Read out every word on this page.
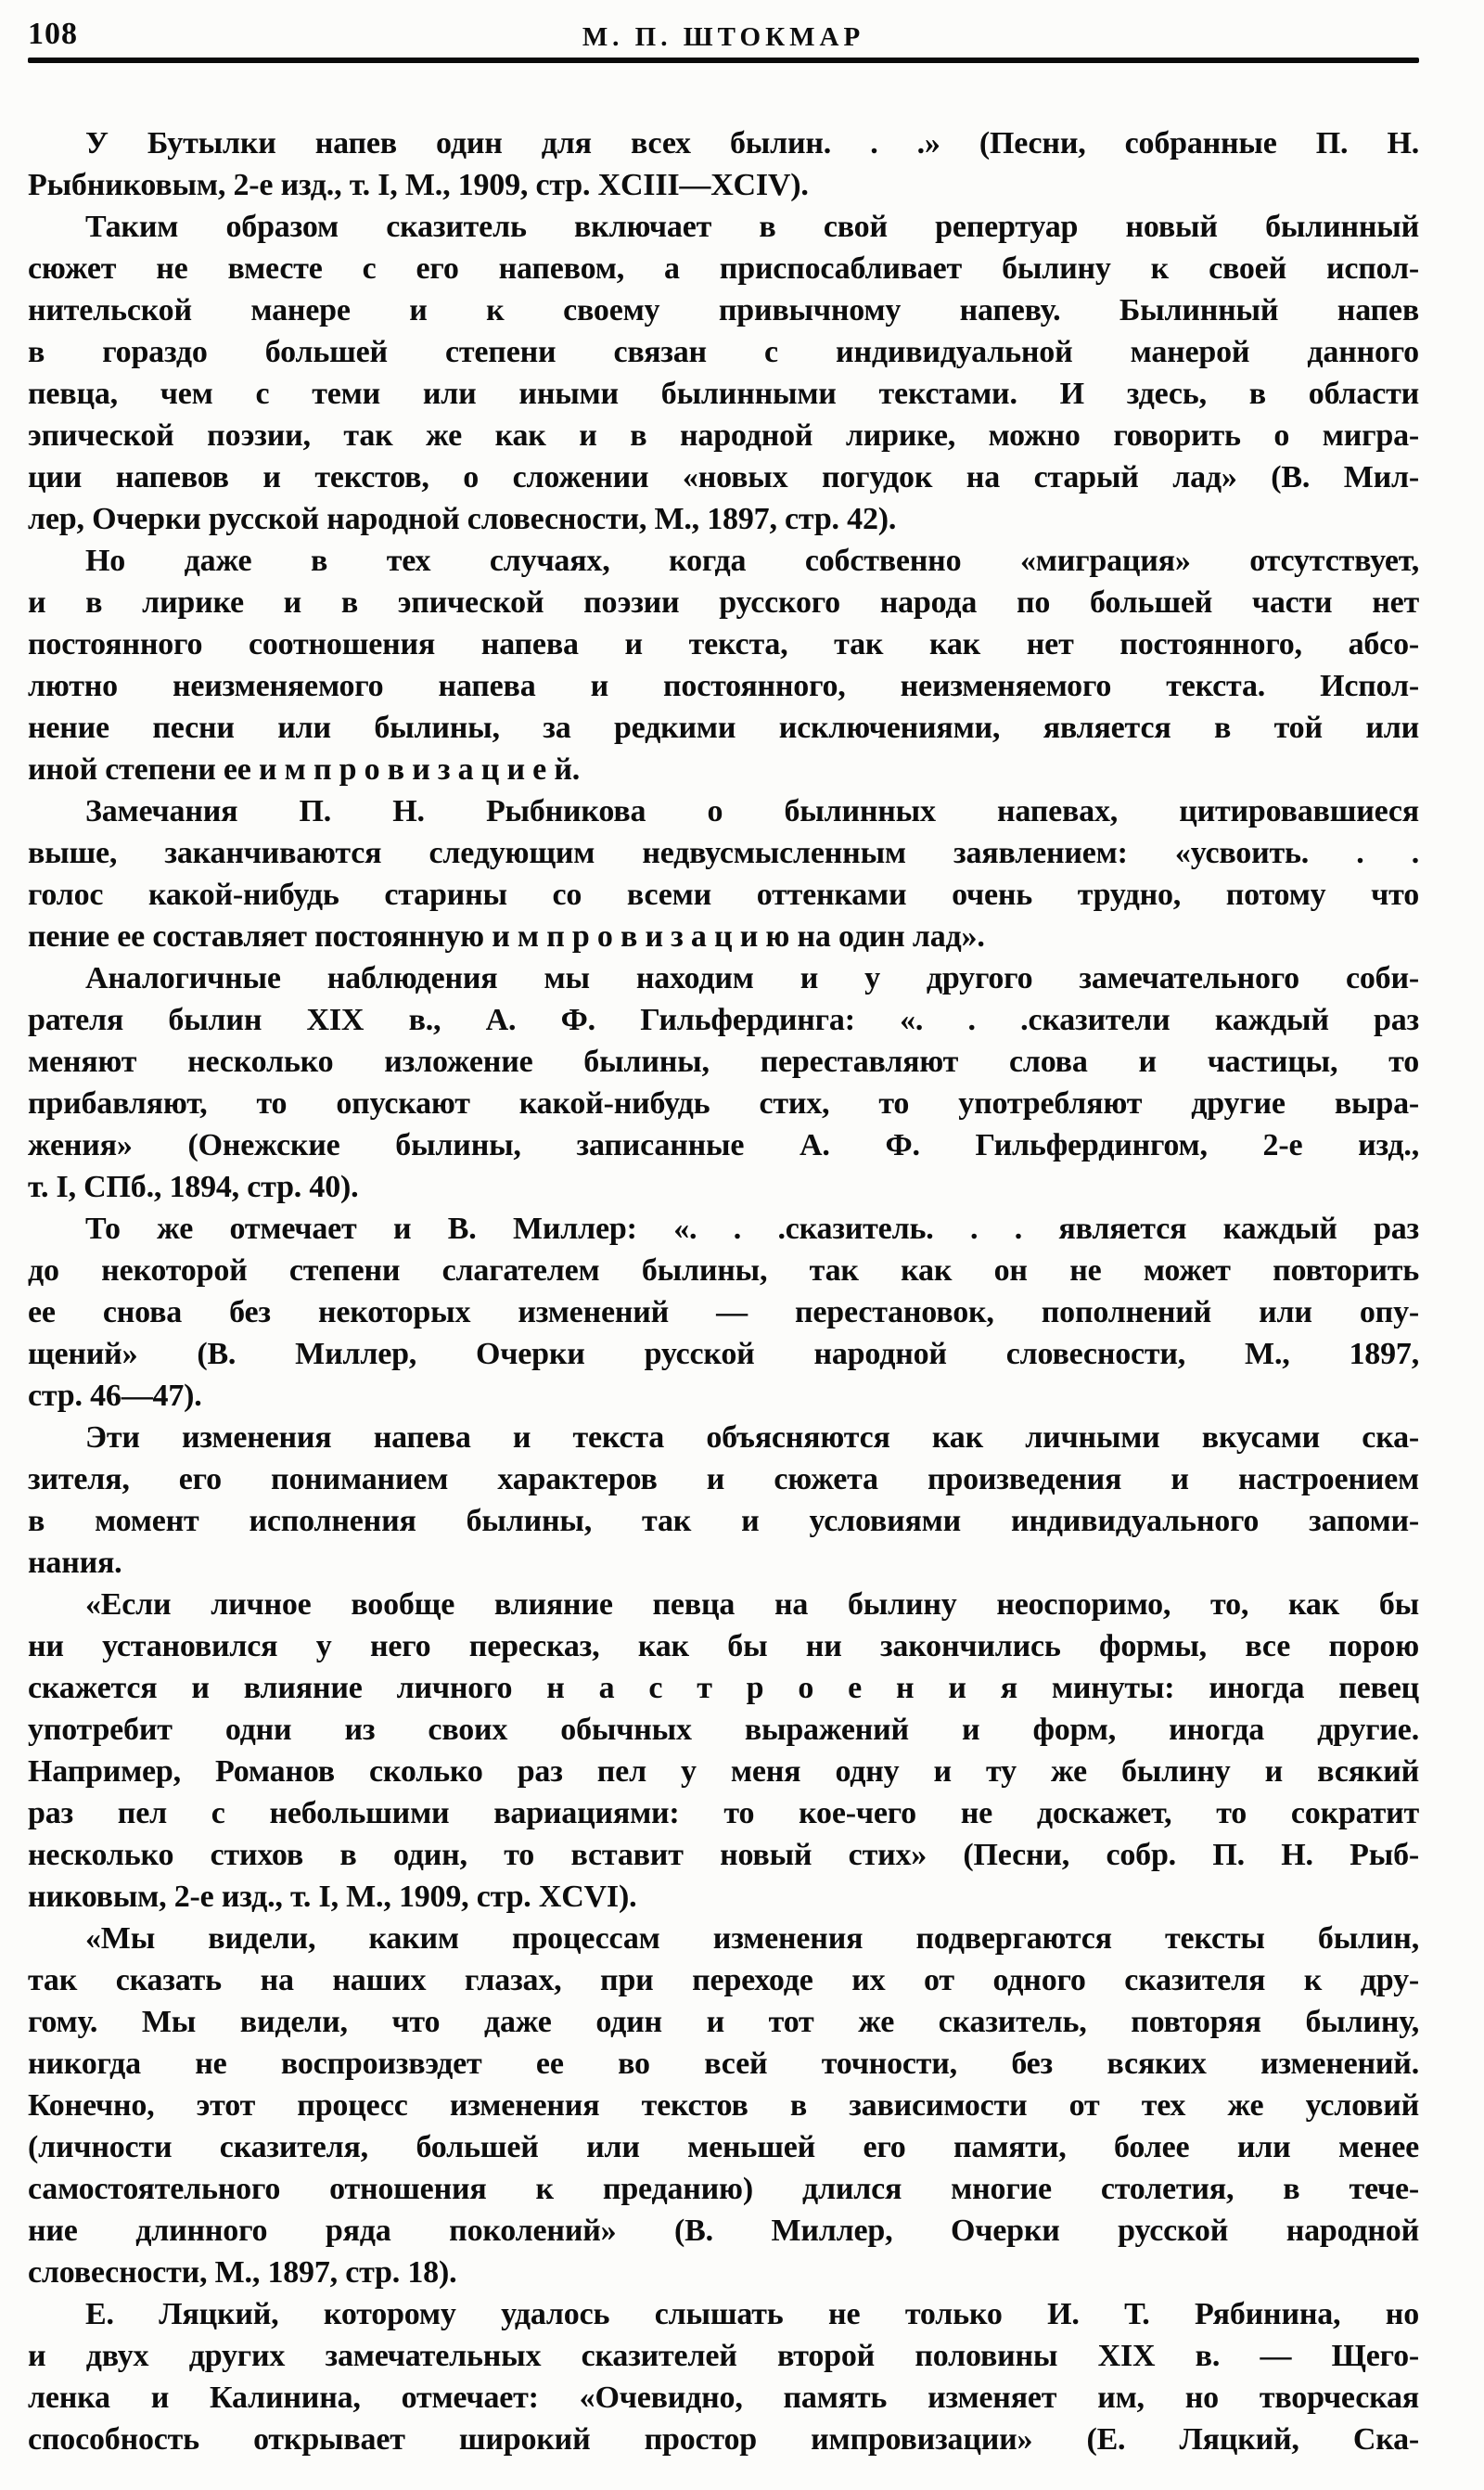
108	М. П. ШТОКМАР
У Бутылки напев один для всех былин. . .» (Песни, собранные П. Н.
Рыбниковым, 2-е изд., т. I, М., 1909, стр. XCIII—XCIV).
Таким образом сказитель включает в свой репертуар новый былинный
сюжет не вместе с его напевом, а приспосабливает былину к своей испол-
нительской манере и к своему привычному напеву. Былинный напев
в гораздо большей степени связан с индивидуальной манерой данного
певца, чем с теми или иными былинными текстами. И здесь, в области
эпической поэзии, так же как и в народной лирике, можно говорить о мигра-
ции напевов и текстов, о сложении «новых погудок на старый лад» (В. Мил-
лер, Очерки русской народной словесности, М., 1897, стр. 42).
Но даже в тех случаях, когда собственно «миграция» отсутствует,
и в лирике и в эпической поэзии русского народа по большей части нет
постоянного соотношения напева и текста, так как нет постоянного, абсо-
лютно неизменяемого напева и постоянного, неизменяемого текста. Испол-
нение песни или былины, за редкими исключениями, является в той или
иной степени ее и м п р о в и з а ц и е й.
Замечания П. Н. Рыбникова о былинных напевах, цитировавшиеся
выше, заканчиваются следующим недвусмысленным заявлением: «усвоить. . .
голос какой-нибудь старины со всеми оттенками очень трудно, потому что
пение ее составляет постоянную и м п р о в и з а ц и ю на один лад».
Аналогичные наблюдения мы находим и у другого замечательного соби-
рателя былин XIX в., А. Ф. Гильфердинга: «. . .сказители каждый раз
меняют несколько изложение былины, переставляют слова и частицы, то
прибавляют, то опускают какой-нибудь стих, то употребляют другие выра-
жения» (Онежские былины, записанные А. Ф. Гильфердингом, 2-е изд.,
т. I, СПб., 1894, стр. 40).
То же отмечает и В. Миллер: «. . .сказитель. . . является каждый раз
до некоторой степени слагателем былины, так как он не может повторить
ее снова без некоторых изменений — перестановок, пополнений или опу-
щений» (В. Миллер, Очерки русской народной словесности, М., 1897,
стр. 46—47).
Эти изменения напева и текста объясняются как личными вкусами ска-
зителя, его пониманием характеров и сюжета произведения и настроением
в момент исполнения былины, так и условиями индивидуального запоми-
нания.
«Если личное вообще влияние певца на былину неоспоримо, то, как бы
ни установился у него пересказ, как бы ни закончились формы, все порою
скажется и влияние личного н а с т р о е н и я минуты: иногда певец
употребит одни из своих обычных выражений и форм, иногда другие.
Например, Романов сколько раз пел у меня одну и ту же былину и всякий
раз пел с небольшими вариациями: то кое-чего не доскажет, то сократит
несколько стихов в один, то вставит новый стих» (Песни, собр. П. Н. Рыб-
никовым, 2-е изд., т. I, М., 1909, стр. XCVI).
«Мы видели, каким процессам изменения подвергаются тексты былин,
так сказать на наших глазах, при переходе их от одного сказителя к дру-
гому. Мы видели, что даже один и тот же сказитель, повторяя былину,
никогда не воспроизвэдет ее во всей точности, без всяких изменений.
Конечно, этот процесс изменения текстов в зависимости от тех же условий
(личности сказителя, большей или меньшей его памяти, более или менее
самостоятельного отношения к преданию) длился многие столетия, в тече-
ние длинного ряда поколений» (В. Миллер, Очерки русской народной
словесности, М., 1897, стр. 18).
Е. Ляцкий, которому удалось слышать не только И. Т. Рябинина, но
и двух других замечательных сказителей второй половины XIX в. — Щего-
ленка и Калинина, отмечает: «Очевидно, память изменяет им, но творческая
способность открывает широкий простор импровизации» (Е. Ляцкий, Ска-
